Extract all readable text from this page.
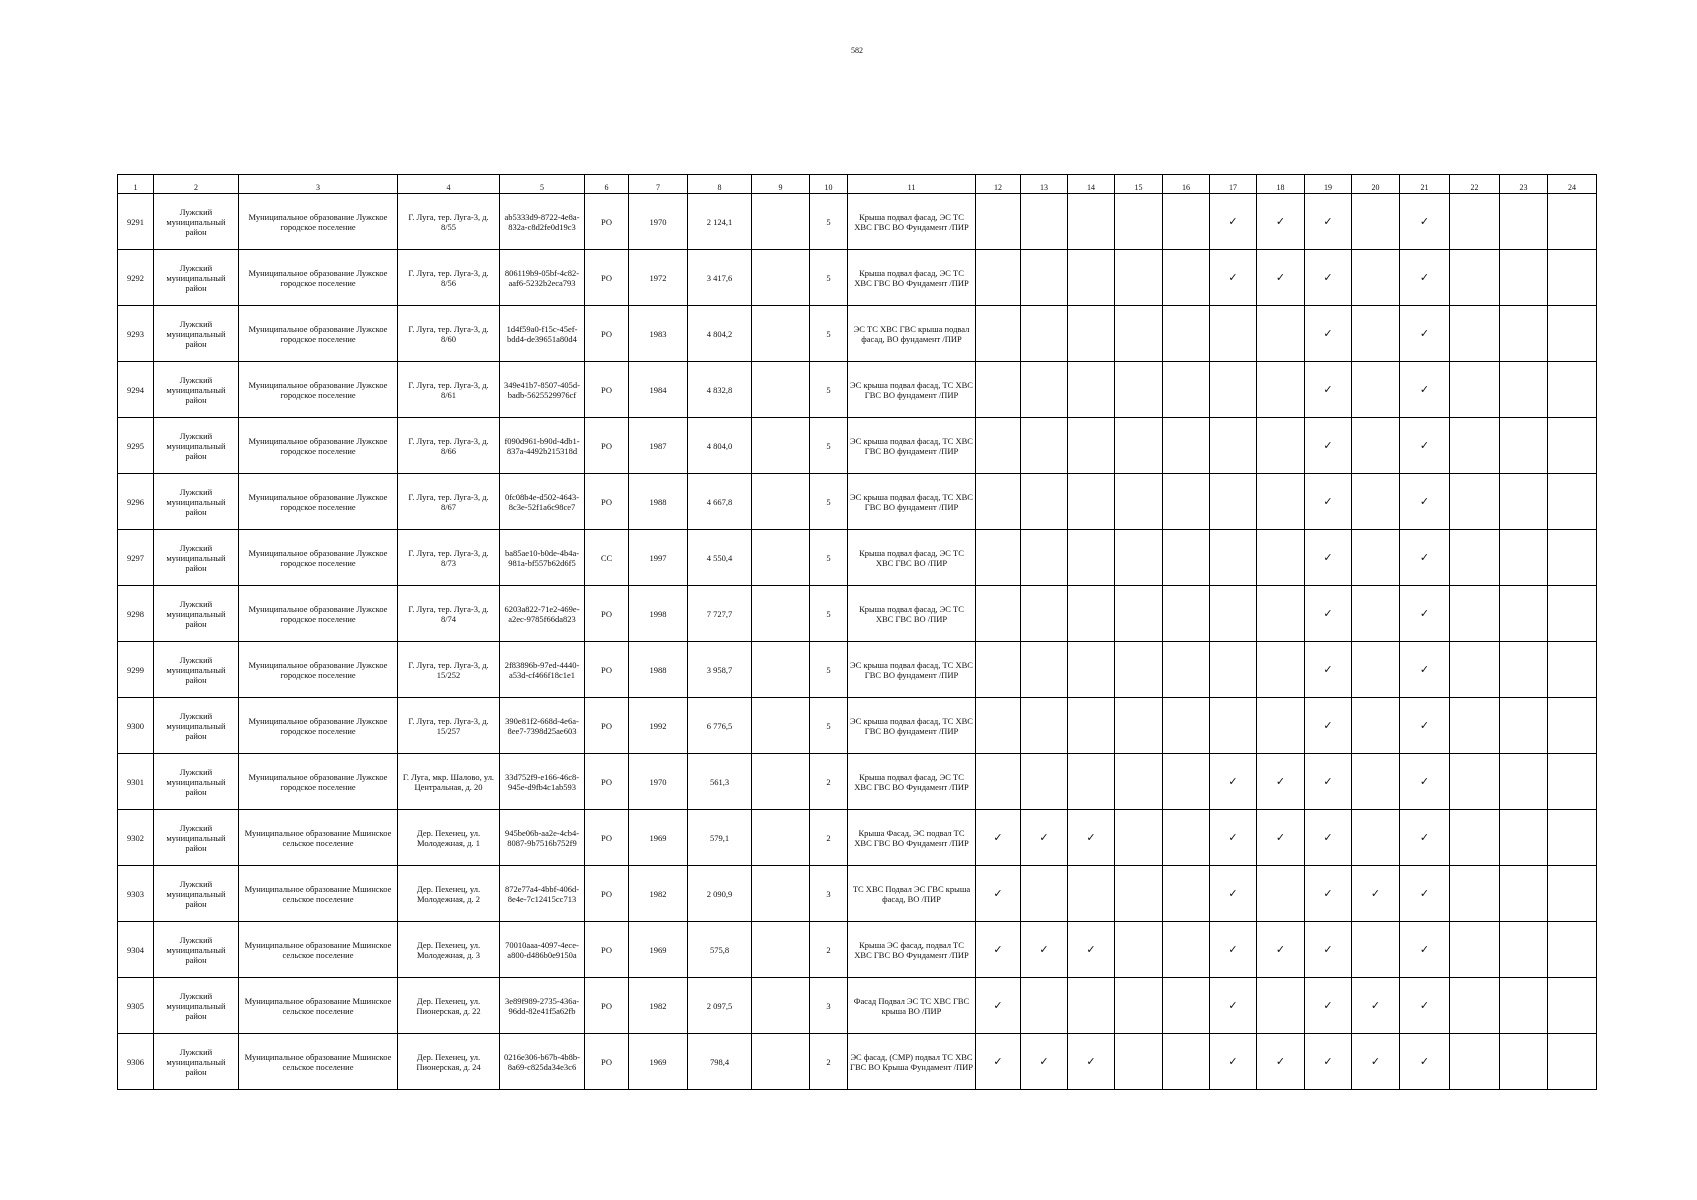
582
1	2	3	4	5	6	7	8	9	10	11	12	13	14	15	16	17	18	19	20	21	22	23	24
9291	Лужский муниципальный район	Муниципальное образование Лужское городское поселение	Г. Луга, тер. Луга-3, д. 8/55	ab5333d9-8722-4e8a-832a-c8d2fe0d19c3	РО	1970	2 124,1		5	Крыша подвал фасад, ЭС ТС ХВС ГВС ВО Фундамент /ПИР						✓	✓	✓		✓			
9292	Лужский муниципальный район	Муниципальное образование Лужское городское поселение	Г. Луга, тер. Луга-3, д. 8/56	806119b9-05bf-4c82-aaf6-5232b2eca793	РО	1972	3 417,6		5	Крыша подвал фасад, ЭС ТС ХВС ГВС ВО Фундамент /ПИР						✓	✓	✓		✓			
9293	Лужский муниципальный район	Муниципальное образование Лужское городское поселение	Г. Луга, тер. Луга-3, д. 8/60	1d4f59a0-f15c-45ef-bdd4-de39651a80d4	РО	1983	4 804,2		5	ЭС ТС ХВС ГВС крыша подвал фасад, ВО фундамент /ПИР								✓		✓			
9294	Лужский муниципальный район	Муниципальное образование Лужское городское поселение	Г. Луга, тер. Луга-3, д. 8/61	349e41b7-8507-405d-badb-5625529976cf	РО	1984	4 832,8		5	ЭС крыша подвал фасад, ТС ХВС ГВС ВО фундамент /ПИР								✓		✓			
9295	Лужский муниципальный район	Муниципальное образование Лужское городское поселение	Г. Луга, тер. Луга-3, д. 8/66	f090d961-b90d-4db1-837a-4492b215318d	РО	1987	4 804,0		5	ЭС крыша подвал фасад, ТС ХВС ГВС ВО фундамент /ПИР								✓		✓			
9296	Лужский муниципальный район	Муниципальное образование Лужское городское поселение	Г. Луга, тер. Луга-3, д. 8/67	0fc08b4e-d502-4643-8c3e-52f1a6c98ce7	РО	1988	4 667,8		5	ЭС крыша подвал фасад, ТС ХВС ГВС ВО фундамент /ПИР								✓		✓			
9297	Лужский муниципальный район	Муниципальное образование Лужское городское поселение	Г. Луга, тер. Луга-3, д. 8/73	ba85ae10-b0de-4b4a-981a-bf557b62d6f5	СС	1997	4 550,4		5	Крыша подвал фасад, ЭС ТС ХВС ГВС ВО /ПИР								✓		✓			
9298	Лужский муниципальный район	Муниципальное образование Лужское городское поселение	Г. Луга, тер. Луга-3, д. 8/74	6203a822-71e2-469e-a2ec-9785f66da823	РО	1998	7 727,7		5	Крыша подвал фасад, ЭС ТС ХВС ГВС ВО /ПИР								✓		✓			
9299	Лужский муниципальный район	Муниципальное образование Лужское городское поселение	Г. Луга, тер. Луга-3, д. 15/252	2f83896b-97ed-4440-a53d-cf466f18c1e1	РО	1988	3 958,7		5	ЭС крыша подвал фасад, ТС ХВС ГВС ВО фундамент /ПИР								✓		✓			
9300	Лужский муниципальный район	Муниципальное образование Лужское городское поселение	Г. Луга, тер. Луга-3, д. 15/257	390e81f2-668d-4e6a-8ee7-7398d25ae603	РО	1992	6 776,5		5	ЭС крыша подвал фасад, ТС ХВС ГВС ВО фундамент /ПИР								✓		✓			
9301	Лужский муниципальный район	Муниципальное образование Лужское городское поселение	Г. Луга, мкр. Шалово, ул. Центральная, д. 20	33d752f9-e166-46c8-945e-d9fb4c1ab593	РО	1970	561,3		2	Крыша подвал фасад, ЭС ТС ХВС ГВС ВО Фундамент /ПИР						✓	✓	✓		✓			
9302	Лужский муниципальный район	Муниципальное образование Мшинское сельское поселение	Дер. Пехенец, ул. Молодежная, д. 1	945be06b-aa2e-4cb4-8087-9b7516b752f9	РО	1969	579,1		2	Крыша Фасад, ЭС подвал ТС ХВС ГВС ВО Фундамент /ПИР	✓	✓	✓			✓	✓	✓		✓			
9303	Лужский муниципальный район	Муниципальное образование Мшинское сельское поселение	Дер. Пехенец, ул. Молодежная, д. 2	872e77a4-4bbf-406d-8e4e-7c12415cc713	РО	1982	2 090,9		3	ТС ХВС Подвал ЭС ГВС крыша фасад, ВО /ПИР	✓					✓		✓	✓	✓			
9304	Лужский муниципальный район	Муниципальное образование Мшинское сельское поселение	Дер. Пехенец, ул. Молодежная, д. 3	70010aaa-4097-4ece-a800-d486b0e9150a	РО	1969	575,8		2	Крыша ЭС фасад, подвал ТС ХВС ГВС ВО Фундамент /ПИР	✓	✓	✓			✓	✓	✓		✓			
9305	Лужский муниципальный район	Муниципальное образование Мшинское сельское поселение	Дер. Пехенец, ул. Пионерская, д. 22	3e89f989-2735-436a-96dd-82e41f5a62fb	РО	1982	2 097,5		3	Фасад Подвал ЭС ТС ХВС ГВС крыша ВО /ПИР	✓					✓		✓	✓	✓			
9306	Лужский муниципальный район	Муниципальное образование Мшинское сельское поселение	Дер. Пехенец, ул. Пионерская, д. 24	0216e306-b67b-4b8b-8a69-c825da34e3c6	РО	1969	798,4		2	ЭС фасад, (СМР) подвал ТС ХВС ГВС ВО Крыша Фундамент /ПИР	✓	✓	✓			✓	✓	✓	✓	✓			
